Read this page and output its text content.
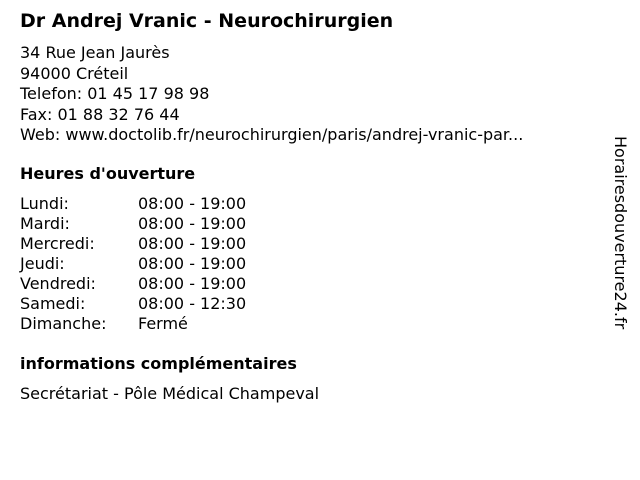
Dr Andrej Vranic - Neurochirurgien
34 Rue Jean Jaurès
94000 Créteil
Telefon: 01 45 17 98 98
Fax: 01 88 32 76 44
Web: www.doctolib.fr/neurochirurgien/paris/andrej-vranic-par...
Heures d'ouverture
Lundi:	08:00 - 19:00
Mardi:	08:00 - 19:00
Mercredi:	08:00 - 19:00
Jeudi:	08:00 - 19:00
Vendredi:	08:00 - 19:00
Samedi:	08:00 - 12:30
Dimanche:	Fermé
informations complémentaires
Secrétariat - Pôle Médical Champeval
Horairesdouverture24.fr
